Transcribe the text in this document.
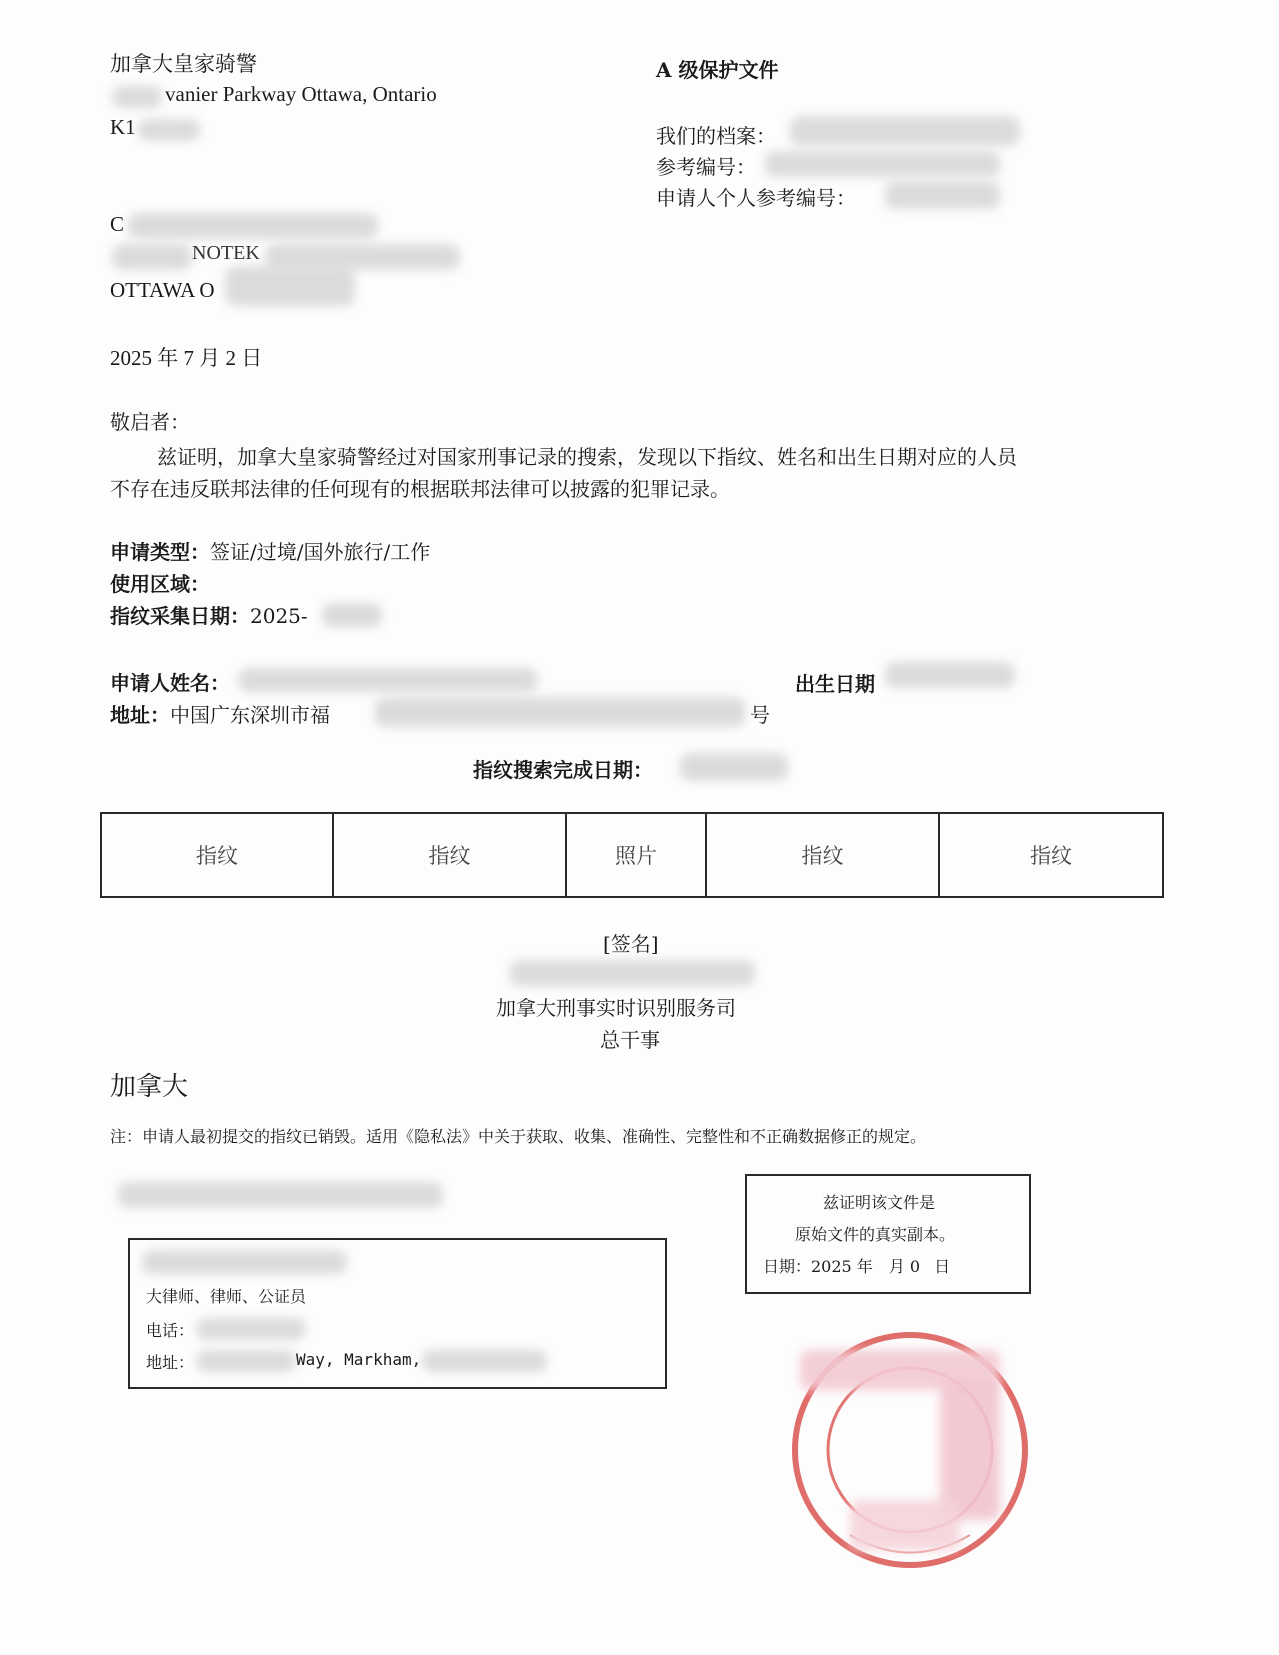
加拿大皇家骑警
vanier Parkway Ottawa, Ontario
K1
A 级保护文件
我们的档案：
参考编号：
申请人个人参考编号：
C
NOTEK
OTTAWA O
2025 年 7 月 2 日
敬启者：
兹证明，加拿大皇家骑警经过对国家刑事记录的搜索，发现以下指纹、姓名和出生日期对应的人员
不存在违反联邦法律的任何现有的根据联邦法律可以披露的犯罪记录。
申请类型：签证/过境/国外旅行/工作
使用区域：
指纹采集日期：2025-
申请人姓名：	出生日期
地址：中国广东深圳市福	号
指纹搜索完成日期：
指纹	指纹	照片	指纹	指纹
[签名]
加拿大刑事实时识别服务司
总干事
加拿大
注：申请人最初提交的指纹已销毁。适用《隐私法》中关于获取、收集、准确性、完整性和不正确数据修正的规定。
大律师、律师、公证员
电话：
地址：	Way, Markham,
兹证明该文件是
原始文件的真实副本。
日期：2025 年 月 0 日
